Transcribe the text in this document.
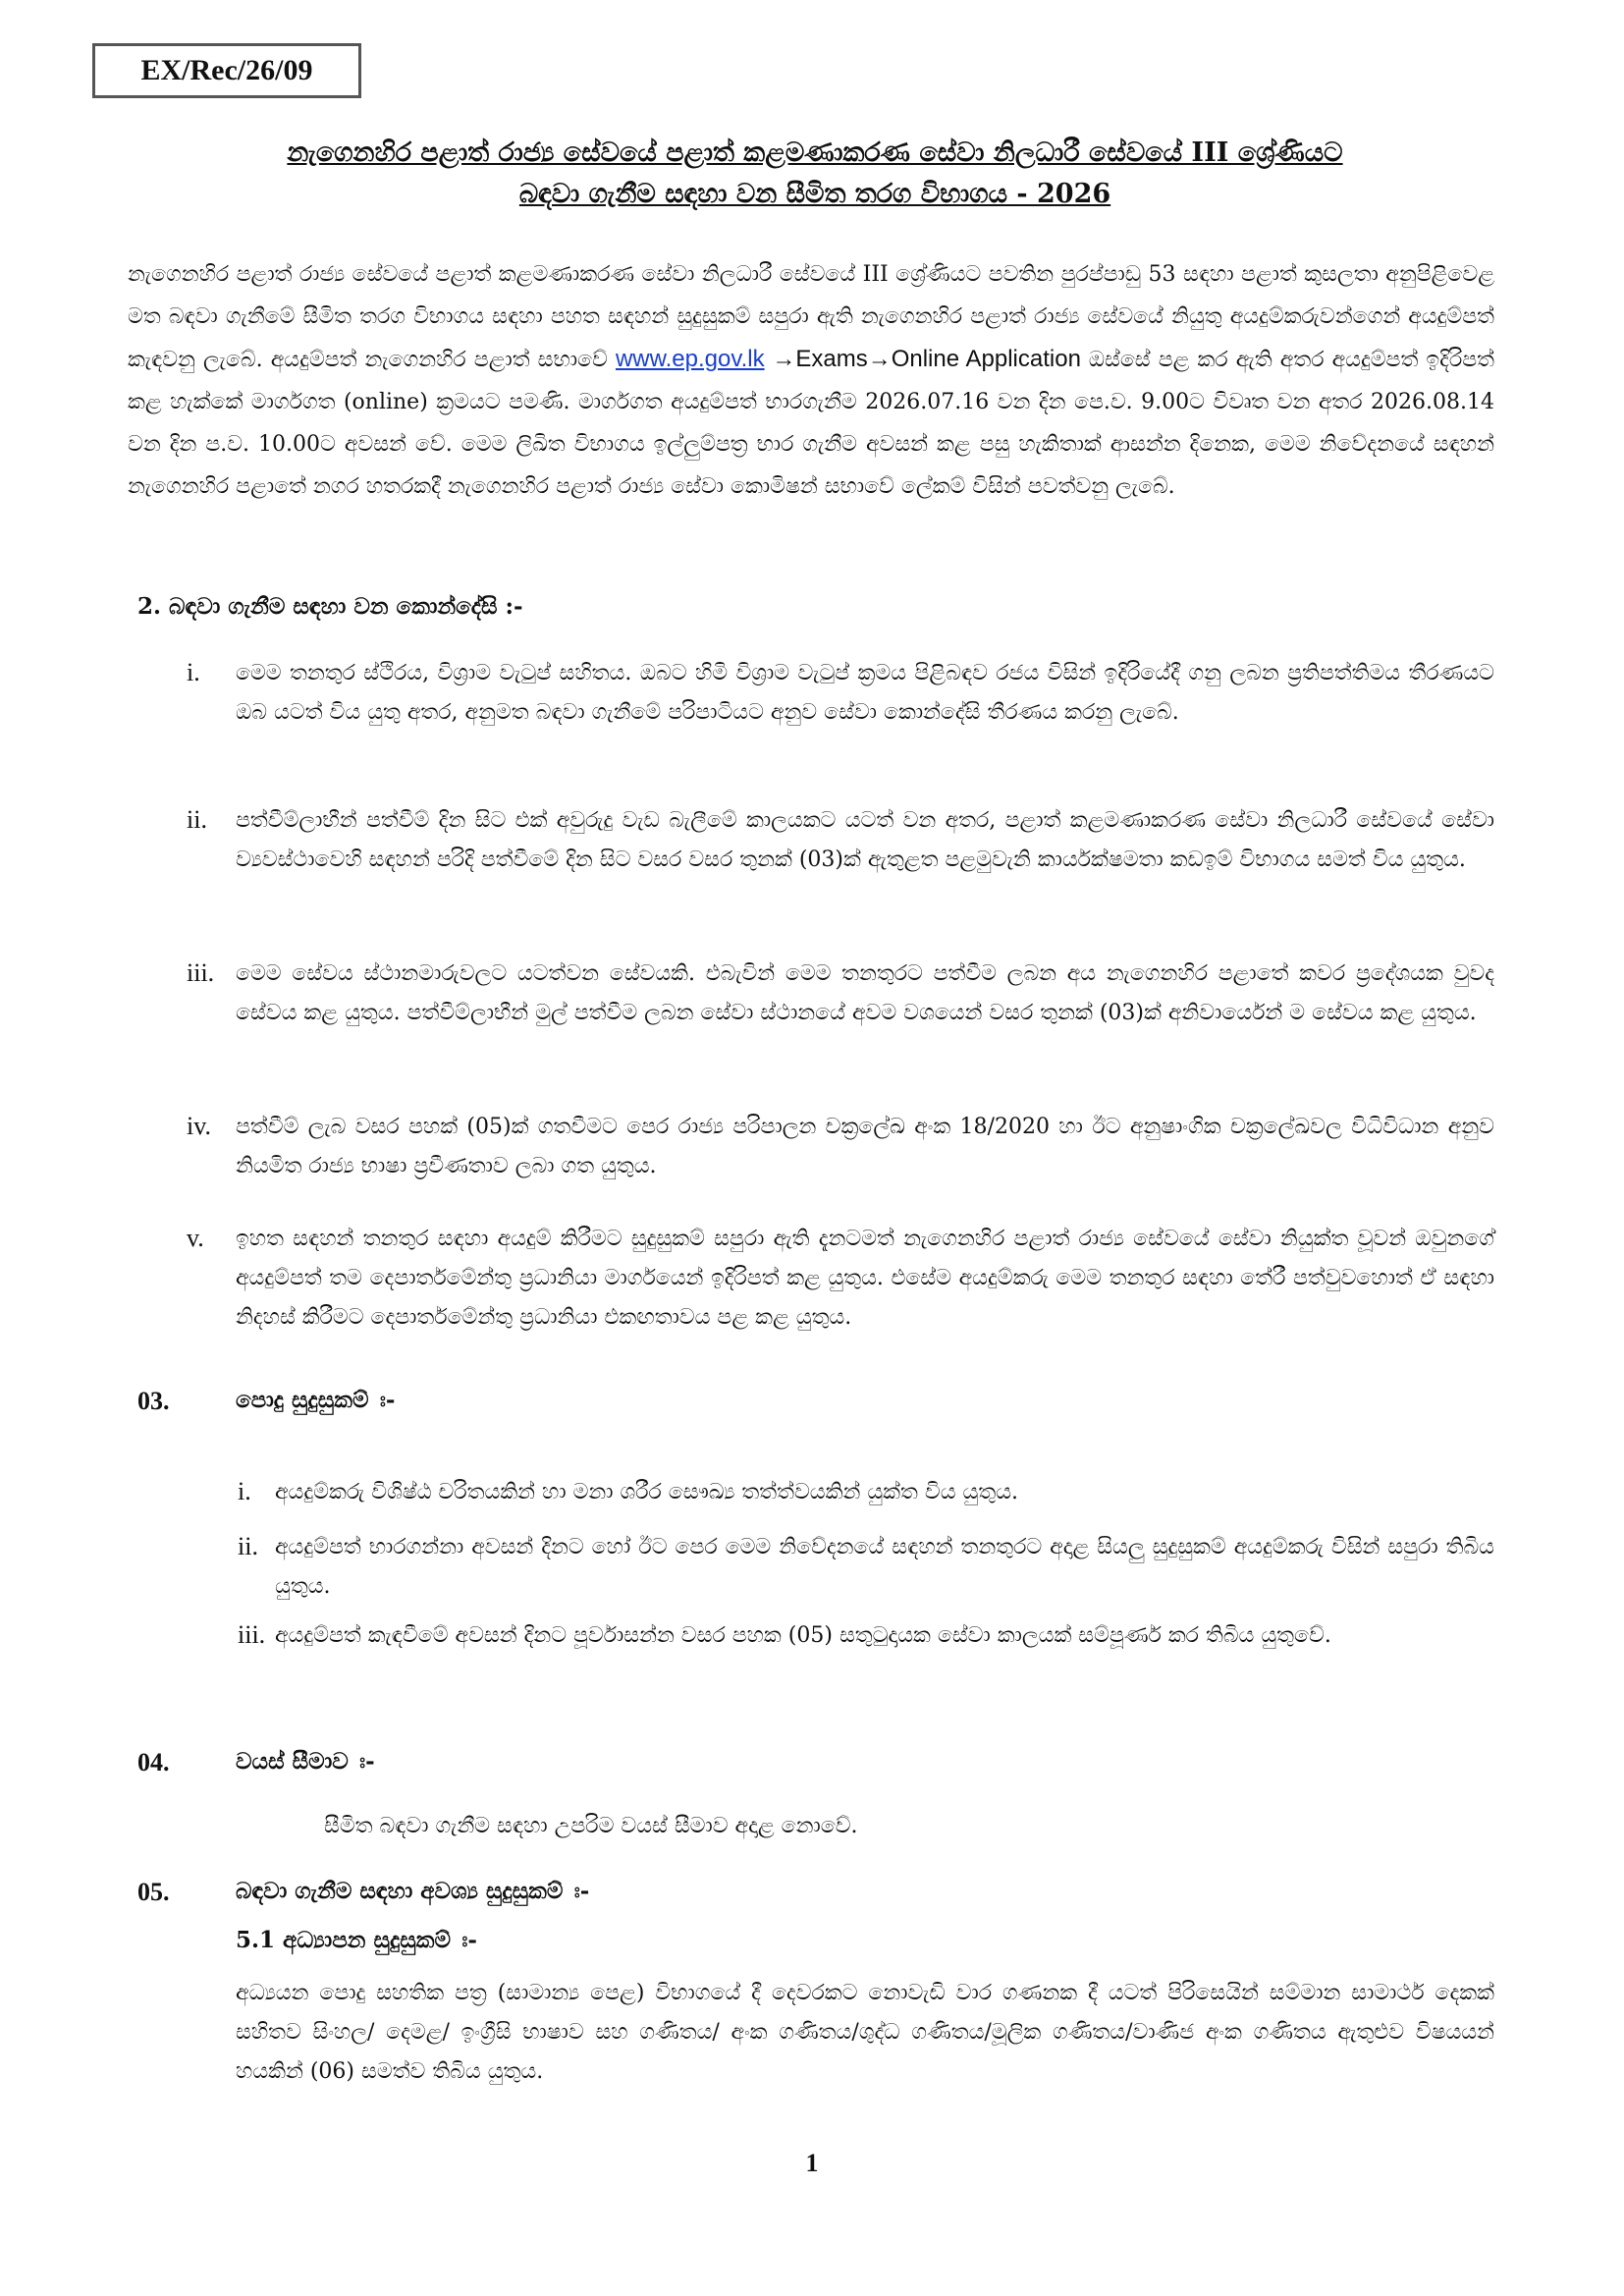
EX/Rec/26/09
නැගෙනහිර පළාත් රාජ්‍ය සේවයේ පළාත් කළමණාකරණ සේවා නිලධාරී සේවයේ III ශ්‍රේණියට
බඳවා ගැනීම සඳහා වන සීමිත තරග විභාගය - 2026
නැගෙනහිර පළාත් රාජ්‍ය සේවයේ පළාත් කළමණාකරණ සේවා නිලධාරී සේවයේ III ශ්‍රේණියට පවතින පුරප්පාඩු 53 සඳහා පළාත් කුසලතා අනුපිළිවෙළ මත බඳවා ගැනීමේ සීමිත තරග විභාගය සඳහා පහත සඳහන් සුදුසුකම් සපුරා ඇති නැගෙනහිර පළාත් රාජ්‍ය සේවයේ නියුතු අයදුම්කරුවන්ගෙන් අයදුම්පත් කැඳවනු ලැබේ. අයදුම්පත් නැගෙනහිර පළාත් සභාවේ www.ep.gov.lk →Exams→Online Application ඔස්සේ පළ කර ඇති අතර අයදුම්පත් ඉදිරිපත් කළ හැක්කේ මාර්ගගත (online) ක්‍රමයට පමණි. මාර්ගගත අයදුම්පත් භාරගැනීම 2026.07.16 වන දින පෙ.ව. 9.00ට විවෘත වන අතර 2026.08.14 වන දින ප.ව. 10.00ට අවසන් වේ. මෙම ලිඛිත විභාගය ඉල්ලුම්පත්‍ර භාර ගැනීම අවසන් කළ පසු හැකිතාක් ආසන්න දිනෙක, මෙම නිවේදනයේ සඳහන් නැගෙනහිර පළාතේ නගර හතරකදී නැගෙනහිර පළාත් රාජ්‍ය සේවා කොමිෂන් සභාවේ ලේකම් විසින් පවත්වනු ලැබේ.
2. බඳවා ගැනීම සඳහා වන කොන්දේසි :-
i. මෙම තනතුර ස්ථිරය, විශ්‍රාම වැටුප් සහිතය. ඔබට හිමි විශ්‍රාම වැටුප් ක්‍රමය පිළිබඳව රජය විසින් ඉදිරියේදී ගනු ලබන ප්‍රතිපත්තිමය තීරණයට ඔබ යටත් විය යුතු අතර, අනුමත බඳවා ගැනීමේ පරිපාටියට අනුව සේවා කොන්දේසි තීරණය කරනු ලැබේ.
ii. පත්වීම්ලාභීන් පත්වීම් දින සිට එක් අවුරුදු වැඩ බැලීමේ කාලයකට යටත් වන අතර, පළාත් කළමණාකරණ සේවා නිලධාරී සේවයේ සේවා ව්‍යවස්ථාවෙහි සඳහන් පරිදි පත්වීමේ දින සිට වසර වසර තුනක් (03)ක් ඇතුළත පළමුවැනි කාර්යක්ෂමතා කඩඉම් විභාගය සමත් විය යුතුය.
iii. මෙම සේවය ස්ථානමාරුවලට යටත්වන සේවයකි. එබැවින් මෙම තනතුරට පත්වීම ලබන අය නැගෙනහිර පළාතේ කවර ප්‍රදේශයක වුවද සේවය කළ යුතුය. පත්වීම්ලාභීන් මුල් පත්වීම ලබන සේවා ස්ථානයේ අවම වශයෙන් වසර තුනක් (03)ක් අනිවාර්යෙන් ම සේවය කළ යුතුය.
iv. පත්වීම් ලැබ වසර පහක් (05)ක් ගතවීමට පෙර රාජ්‍ය පරිපාලන චක්‍රලේඛ අංක 18/2020 හා ඊට අනුෂාංගික චක්‍රලේඛවල විධිවිධාන අනුව නියමිත රාජ්‍ය භාෂා ප්‍රවීණතාව ලබා ගත යුතුය.
v. ඉහත සඳහන් තනතුර සඳහා අයදුම් කිරීමට සුදුසුකම් සපුරා ඇති දැනටමත් නැගෙනහිර පළාත් රාජ්‍ය සේවයේ සේවා නියුක්ත වූවන් ඔවුනගේ අයදුම්පත් තම දෙපාර්තමේන්තු ප්‍රධානියා මාර්ගයෙන් ඉදිරිපත් කළ යුතුය. එසේම අයදුම්කරු මෙම තනතුර සඳහා තේරී පත්වුවහොත් ඒ සඳහා නිදහස් කිරීමට දෙපාර්තමේන්තු ප්‍රධානියා එකඟතාවය පළ කළ යුතුය.
03.	පොදු සුදුසුකම් ඃ-
i. අයදුම්කරු විශිෂ්ඨ චරිතයකින් හා මනා ශරීර සෞඛ්‍ය තත්ත්වයකින් යුක්ත විය යුතුය.
ii. අයදුම්පත් භාරගන්නා අවසන් දිනට හෝ ඊට පෙර මෙම නිවේදනයේ සඳහන් තනතුරට අදාළ සියලු සුදුසුකම් අයදුම්කරු විසින් සපුරා තිබිය යුතුය.
iii. අයදුම්පත් කැඳවීමේ අවසන් දිනට පූර්වාසන්න වසර පහක (05) සතුටුදායක සේවා කාලයක් සම්පූර්ණ කර තිබිය යුතුවේ.
04.	වයස් සීමාව ඃ-
සීමිත බඳවා ගැනීම සඳහා උපරිම වයස් සීමාව අදාළ නොවේ.
05.	බඳවා ගැනීම සඳහා අවශ්‍ය සුදුසුකම් ඃ-
5.1 අධ්‍යාපන සුදුසුකම් ඃ-
අධ්‍යයන පොදු සහතික පත්‍ර (සාමාන්‍ය පෙළ) විභාගයේ දී දෙවරකට නොවැඩි වාර ගණනක දී යටත් පිරිසෙයින් සම්මාන සාමාර්ථ දෙකක් සහිතව සිංහල/ දෙමළ/ ඉංග්‍රීසි භාෂාව සහ ගණිතය/ අංක ගණිතය/ශුද්ධ ගණිතය/මූලික ගණිතය/වාණිජ අංක ගණිතය ඇතුළුව විෂයයන් හයකින් (06) සමත්ව තිබිය යුතුය.
1
